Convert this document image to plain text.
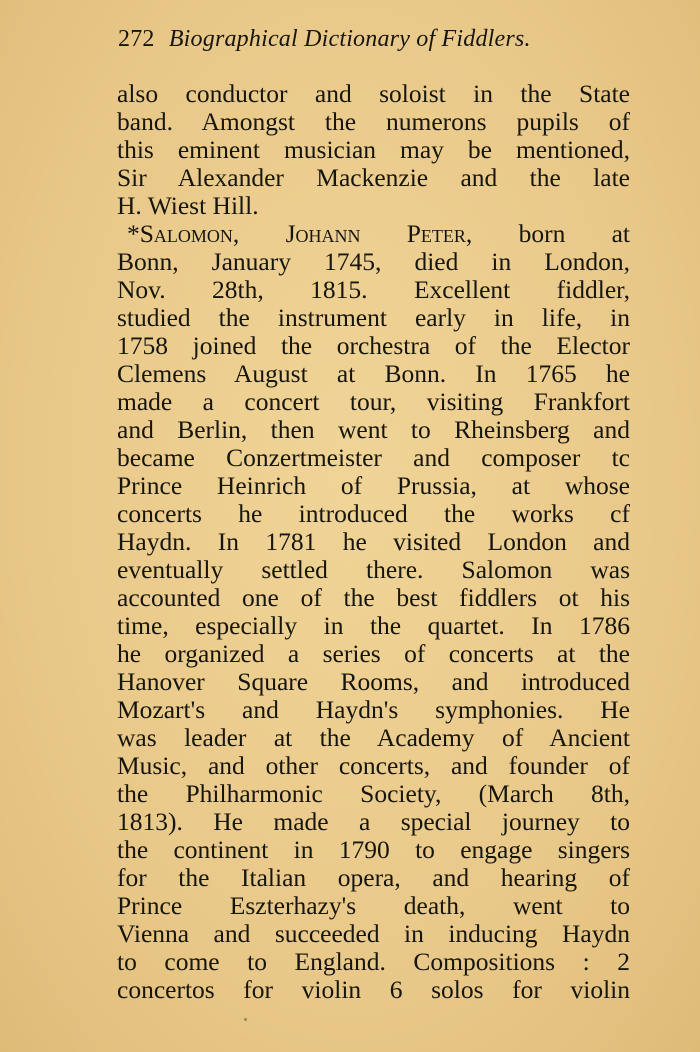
272 Biographical Dictionary of Fiddlers.
also conductor and soloist in the State
band. Amongst the numerons pupils of
this eminent musician may be mentioned,
Sir Alexander Mackenzie and the late
H. Wiest Hill.
*Salomon, Johann Peter, born at
Bonn, January 1745, died in London,
Nov. 28th, 1815. Excellent fiddler,
studied the instrument early in life, in
1758 joined the orchestra of the Elector
Clemens August at Bonn. In 1765 he
made a concert tour, visiting Frankfort
and Berlin, then went to Rheinsberg and
became Conzertmeister and composer tc
Prince Heinrich of Prussia, at whose
concerts he introduced the works cf
Haydn. In 1781 he visited London and
eventually settled there. Salomon was
accounted one of the best fiddlers ot his
time, especially in the quartet. In 1786
he organized a series of concerts at the
Hanover Square Rooms, and introduced
Mozart's and Haydn's symphonies. He
was leader at the Academy of Ancient
Music, and other concerts, and founder of
the Philharmonic Society, (March 8th,
1813). He made a special journey to
the continent in 1790 to engage singers
for the Italian opera, and hearing of
Prince Eszterhazy's death, went to
Vienna and succeeded in inducing Haydn
to come to England. Compositions : 2
concertos for violin 6 solos for violin
